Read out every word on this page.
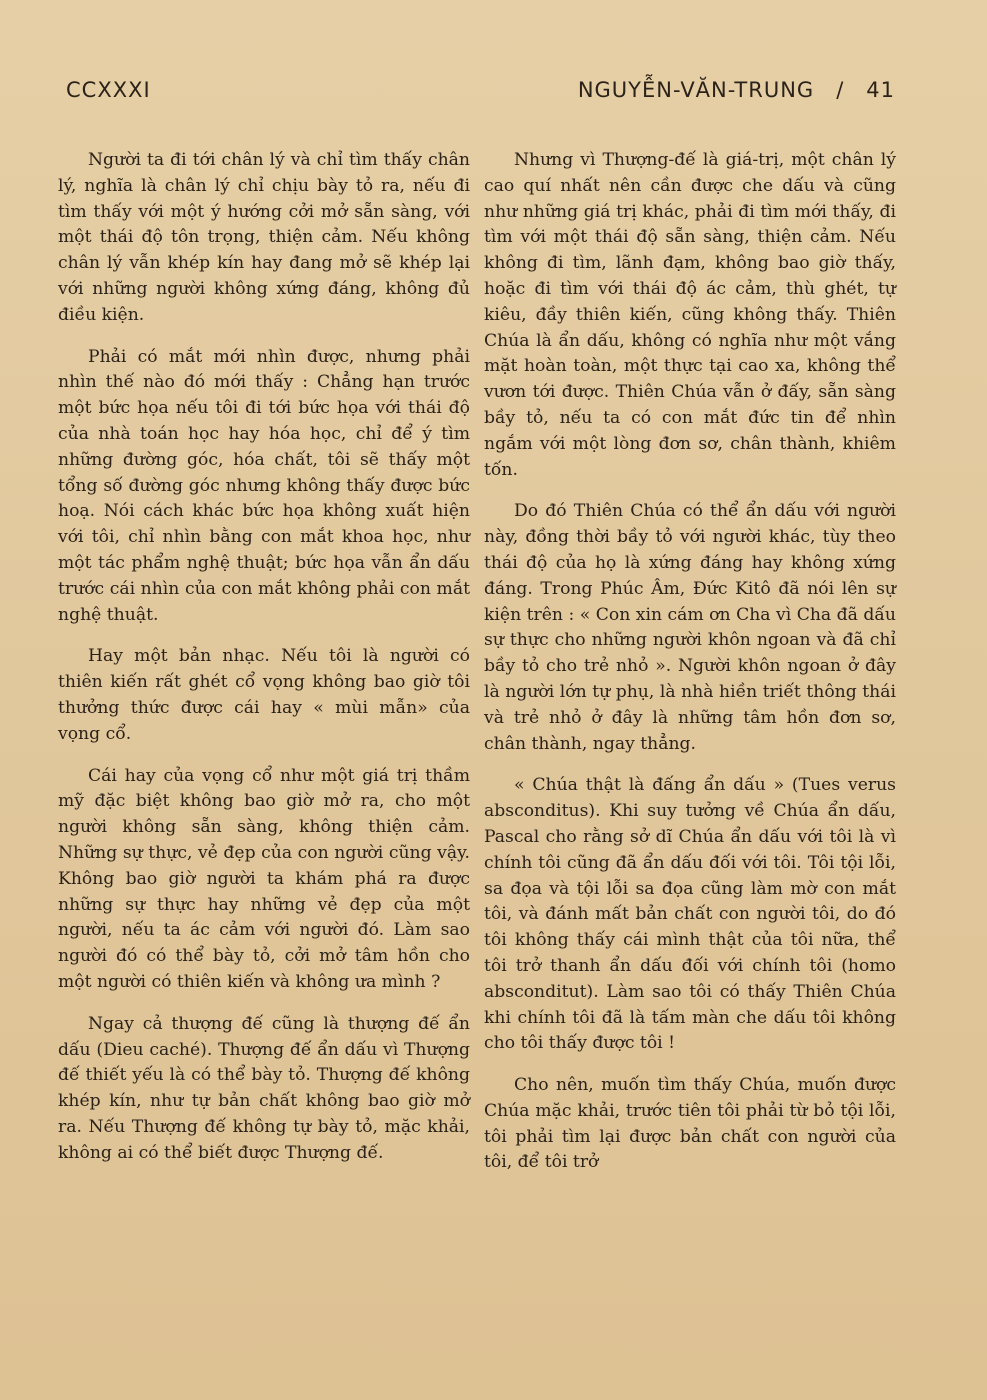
CCXXXI	NGUYỄN-VĂN-TRUNG / 41

Người ta đi tới chân lý và chỉ tìm thấy chân lý, nghĩa là chân lý chỉ chịu bày tỏ ra, nếu đi tìm thấy với một ý hướng cởi mở sẵn sàng, với một thái độ tôn trọng, thiện cảm. Nếu không chân lý vẫn khép kín hay đang mở sẽ khép lại với những người không xứng đáng, không đủ điều kiện.

Phải có mắt mới nhìn được, nhưng phải nhìn thế nào đó mới thấy : Chẳng hạn trước một bức họa nếu tôi đi tới bức họa với thái độ của nhà toán học hay hóa học, chỉ để ý tìm những đường góc, hóa chất, tôi sẽ thấy một tổng số đường góc nhưng không thấy được bức hoạ. Nói cách khác bức họa không xuất hiện với tôi, chỉ nhìn bằng con mắt khoa học, như một tác phẩm nghệ thuật; bức họa vẫn ẩn dấu trước cái nhìn của con mắt không phải con mắt nghệ thuật.

Hay một bản nhạc. Nếu tôi là người có thiên kiến rất ghét cổ vọng không bao giờ tôi thưởng thức được cái hay « mùi mẫn» của vọng cổ.

Cái hay của vọng cổ như một giá trị thầm mỹ đặc biệt không bao giờ mở ra, cho một người không sẵn sàng, không thiện cảm. Những sự thực, vẻ đẹp của con người cũng vậy. Không bao giờ người ta khám phá ra được những sự thực hay những vẻ đẹp của một người, nếu ta ác cảm với người đó. Làm sao người đó có thể bày tỏ, cởi mở tâm hồn cho một người có thiên kiến và không ưa mình ?

Ngay cả thượng đế cũng là thượng đế ẩn dấu (Dieu caché). Thượng đế ẩn dấu vì Thượng đế thiết yếu là có thể bày tỏ. Thượng đế không khép kín, như tự bản chất không bao giờ mở ra. Nếu Thượng đế không tự bày tỏ, mặc khải, không ai có thể biết được Thượng đế.

Nhưng vì Thượng-đế là giá-trị, một chân lý cao quí nhất nên cần được che dấu và cũng như những giá trị khác, phải đi tìm mới thấy, đi tìm với một thái độ sẵn sàng, thiện cảm. Nếu không đi tìm, lãnh đạm, không bao giờ thấy, hoặc đi tìm với thái độ ác cảm, thù ghét, tự kiêu, đầy thiên kiến, cũng không thấy. Thiên Chúa là ẩn dấu, không có nghĩa như một vắng mặt hoàn toàn, một thực tại cao xa, không thể vươn tới được. Thiên Chúa vẫn ở đấy, sẵn sàng bầy tỏ, nếu ta có con mắt đức tin để nhìn ngắm với một lòng đơn sơ, chân thành, khiêm tốn.

Do đó Thiên Chúa có thể ẩn dấu với người này, đồng thời bầy tỏ với người khác, tùy theo thái độ của họ là xứng đáng hay không xứng đáng. Trong Phúc Âm, Đức Kitô đã nói lên sự kiện trên : « Con xin cám ơn Cha vì Cha đã dấu sự thực cho những người khôn ngoan và đã chỉ bầy tỏ cho trẻ nhỏ ». Người khôn ngoan ở đây là người lớn tự phụ, là nhà hiền triết thông thái và trẻ nhỏ ở đây là những tâm hồn đơn sơ, chân thành, ngay thẳng.

« Chúa thật là đấng ẩn dấu » (Tues verus absconditus). Khi suy tưởng về Chúa ẩn dấu, Pascal cho rằng sở dĩ Chúa ẩn dấu với tôi là vì chính tôi cũng đã ẩn dấu đối với tôi. Tôi tội lỗi, sa đọa và tội lỗi sa đọa cũng làm mờ con mắt tôi, và đánh mất bản chất con người tôi, do đó tôi không thấy cái mình thật của tôi nữa, thể tôi trở thanh ẩn dấu đối với chính tôi (homo absconditut). Làm sao tôi có thấy Thiên Chúa khi chính tôi đã là tấm màn che dấu tôi không cho tôi thấy được tôi !

Cho nên, muốn tìm thấy Chúa, muốn được Chúa mặc khải, trước tiên tôi phải từ bỏ tội lỗi, tôi phải tìm lại được bản chất con người của tôi, để tôi trở
